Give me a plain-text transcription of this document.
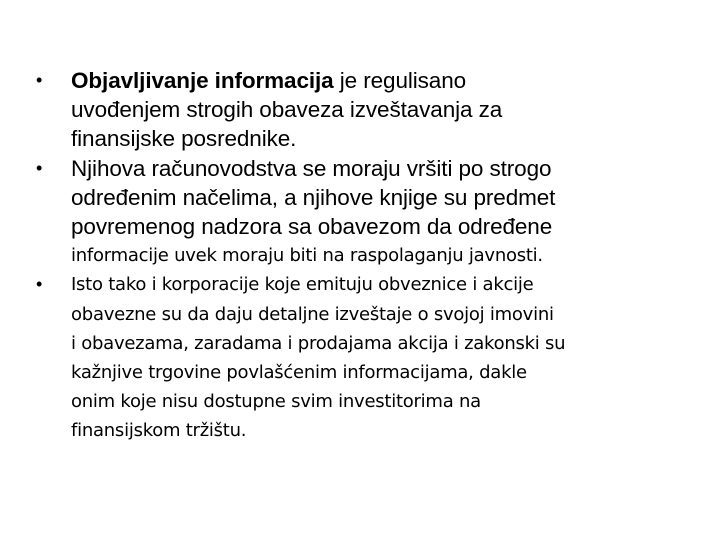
• Objavljivanje informacija je regulisano
uvođenjem strogih obaveza izveštavanja za
finansijske posrednike.
• Njihova računovodstva se moraju vršiti po strogo
određenim načelima, a njihove knjige su predmet
povremenog nadzora sa obavezom da određene
informacije uvek moraju biti na raspolaganju javnosti.
• Isto tako i korporacije koje emituju obveznice i akcije
obavezne su da daju detaljne izveštaje o svojoj imovini
i obavezama, zaradama i prodajama akcija i zakonski su
kažnjive trgovine povlašćenim informacijama, dakle
onim koje nisu dostupne svim investitorima na
finansijskom tržištu.
